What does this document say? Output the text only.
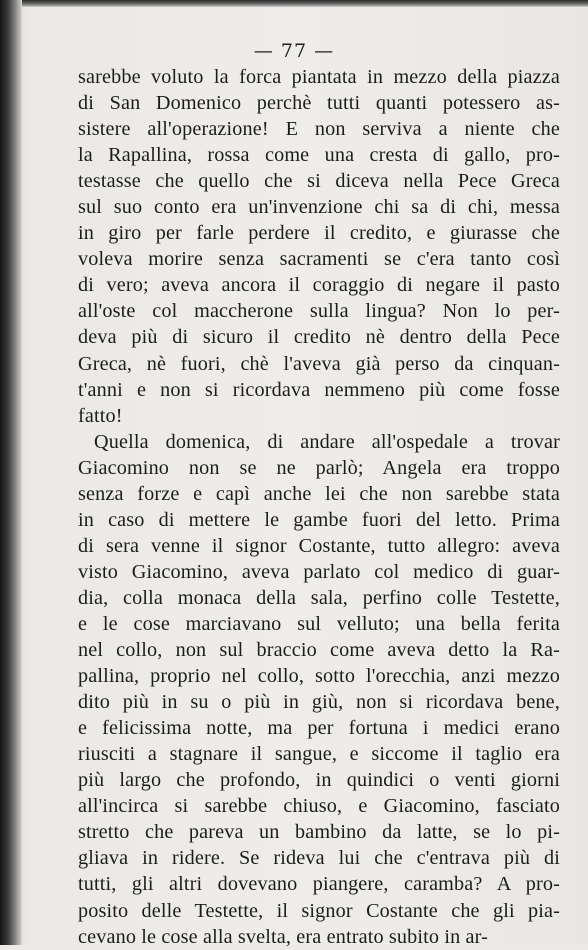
— 77 —
sarebbe voluto la forca piantata in mezzo della piazza
di San Domenico perchè tutti quanti potessero as-
sistere all'operazione! E non serviva a niente che
la Rapallina, rossa come una cresta di gallo, pro-
testasse che quello che si diceva nella Pece Greca
sul suo conto era un'invenzione chi sa di chi, messa
in giro per farle perdere il credito, e giurasse che
voleva morire senza sacramenti se c'era tanto così
di vero; aveva ancora il coraggio di negare il pasto
all'oste col maccherone sulla lingua? Non lo per-
deva più di sicuro il credito nè dentro della Pece
Greca, nè fuori, chè l'aveva già perso da cinquan-
t'anni e non si ricordava nemmeno più come fosse
fatto!
Quella domenica, di andare all'ospedale a trovar
Giacomino non se ne parlò; Angela era troppo
senza forze e capì anche lei che non sarebbe stata
in caso di mettere le gambe fuori del letto. Prima
di sera venne il signor Costante, tutto allegro: aveva
visto Giacomino, aveva parlato col medico di guar-
dia, colla monaca della sala, perfino colle Testette,
e le cose marciavano sul velluto; una bella ferita
nel collo, non sul braccio come aveva detto la Ra-
pallina, proprio nel collo, sotto l'orecchia, anzi mezzo
dito più in su o più in giù, non si ricordava bene,
e felicissima notte, ma per fortuna i medici erano
riusciti a stagnare il sangue, e siccome il taglio era
più largo che profondo, in quindici o venti giorni
all'incirca si sarebbe chiuso, e Giacomino, fasciato
stretto che pareva un bambino da latte, se lo pi-
gliava in ridere. Se rideva lui che c'entrava più di
tutti, gli altri dovevano piangere, caramba? A pro-
posito delle Testette, il signor Costante che gli pia-
cevano le cose alla svelta, era entrato subito in ar-
